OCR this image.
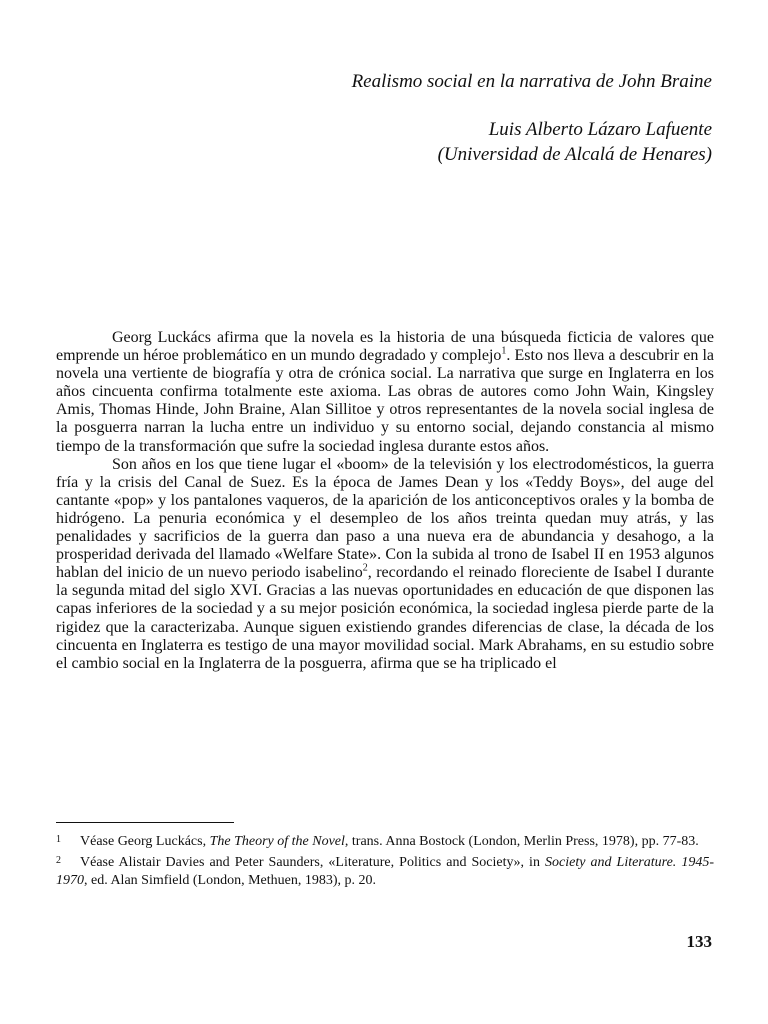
Realismo social en la narrativa de John Braine
Luis Alberto Lázaro Lafuente
(Universidad de Alcalá de Henares)

Georg Luckács afirma que la novela es la historia de una búsqueda ficticia de valores que emprende un héroe problemático en un mundo degradado y complejo$^1$. Esto nos lleva a descubrir en la novela una vertiente de biografía y otra de crónica social. La narrativa que surge en Inglaterra en los años cincuenta confirma totalmente este axioma. Las obras de autores como John Wain, Kingsley Amis, Thomas Hinde, John Braine, Alan Sillitoe y otros representantes de la novela social inglesa de la posguerra narran la lucha entre un individuo y su entorno social, dejando constancia al mismo tiempo de la transformación que sufre la sociedad inglesa durante estos años.

Son años en los que tiene lugar el «boom» de la televisión y los electrodomésticos, la guerra fría y la crisis del Canal de Suez. Es la época de James Dean y los «Teddy Boys», del auge del cantante «pop» y los pantalones vaqueros, de la aparición de los anticonceptivos orales y la bomba de hidrógeno. La penuria económica y el desempleo de los años treinta quedan muy atrás, y las penalidades y sacrificios de la guerra dan paso a una nueva era de abundancia y desahogo, a la prosperidad derivada del llamado «Welfare State». Con la subida al trono de Isabel II en 1953 algunos hablan del inicio de un nuevo periodo isabelino$^2$, recordando el reinado floreciente de Isabel I durante la segunda mitad del siglo XVI. Gracias a las nuevas oportunidades en educación de que disponen las capas inferiores de la sociedad y a su mejor posición económica, la sociedad inglesa pierde parte de la rigidez que la caracterizaba. Aunque siguen existiendo grandes diferencias de clase, la década de los cincuenta en Inglaterra es testigo de una mayor movilidad social. Mark Abrahams, en su estudio sobre el cambio social en la Inglaterra de la posguerra, afirma que se ha triplicado el

1 Véase Georg Luckács, The Theory of the Novel, trans. Anna Bostock (London, Merlin Press, 1978), pp. 77-83.
2 Véase Alistair Davies and Peter Saunders, «Literature, Politics and Society», in Society and Literature. 1945-1970, ed. Alan Simfield (London, Methuen, 1983), p. 20.
133
